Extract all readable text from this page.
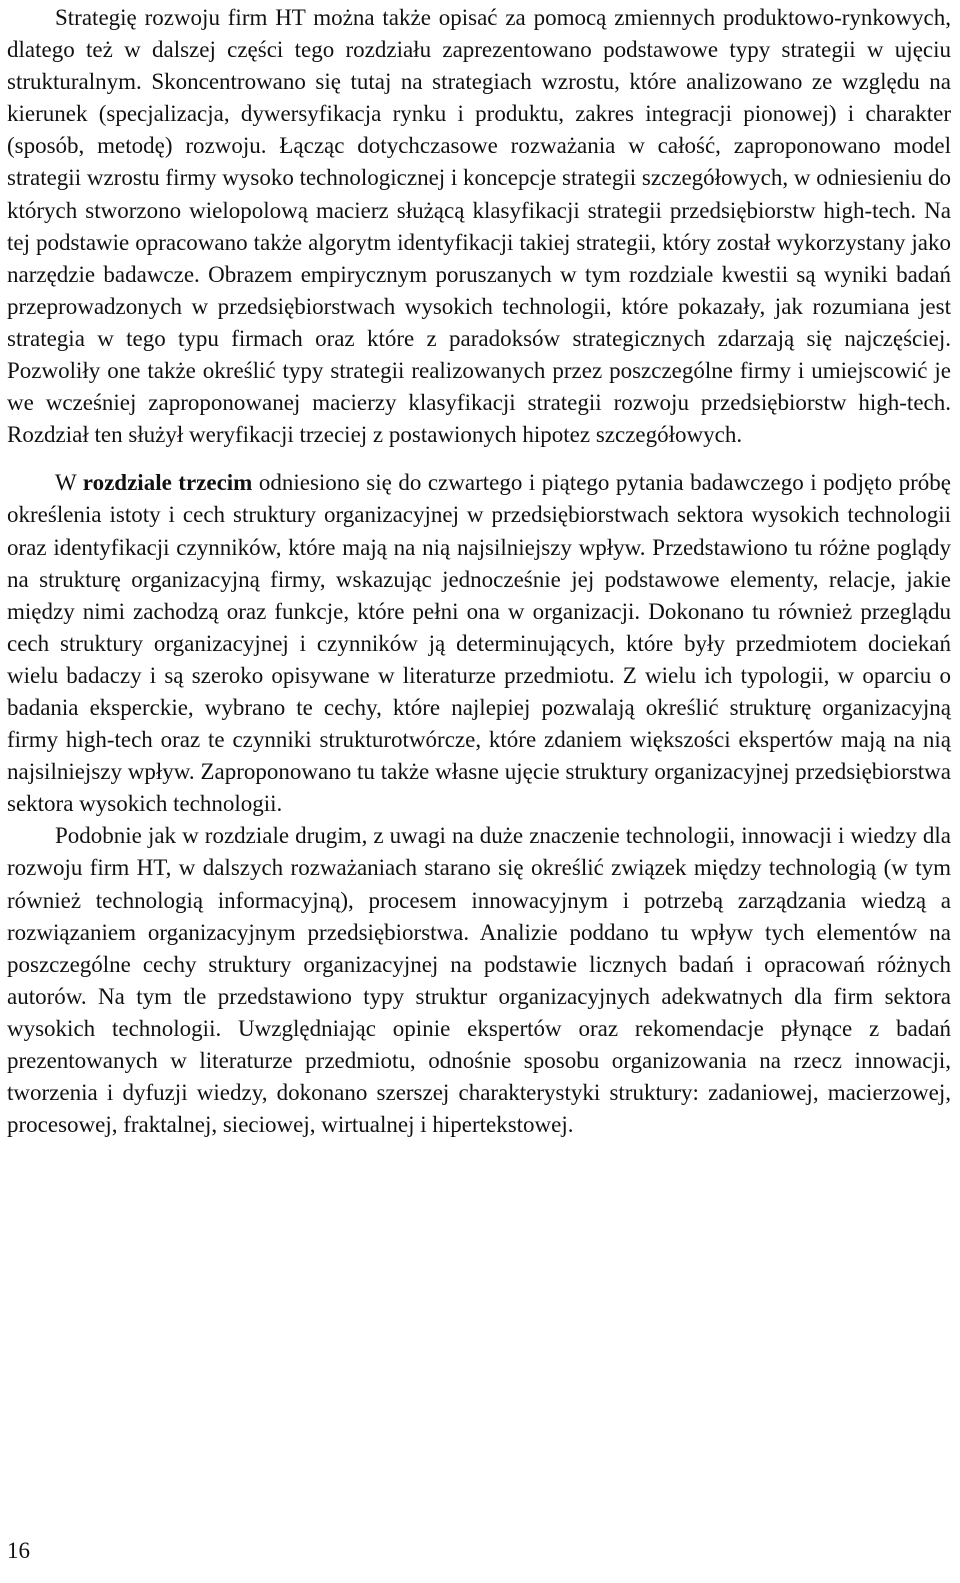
Strategię rozwoju firm HT można także opisać za pomocą zmiennych produktowo-rynkowych, dlatego też w dalszej części tego rozdziału zaprezentowano podstawowe typy strategii w ujęciu strukturalnym. Skoncentrowano się tutaj na strategiach wzrostu, które analizowano ze względu na kierunek (specjalizacja, dywersyfikacja rynku i produktu, zakres integracji pionowej) i charakter (sposób, metodę) rozwoju. Łącząc dotychczasowe rozważania w całość, zaproponowano model strategii wzrostu firmy wysoko technologicznej i koncepcje strategii szczegółowych, w odniesieniu do których stworzono wielopolową macierz służącą klasyfikacji strategii przedsiębiorstw high-tech. Na tej podstawie opracowano także algorytm identyfikacji takiej strategii, który został wykorzystany jako narzędzie badawcze. Obrazem empirycznym poruszanych w tym rozdziale kwestii są wyniki badań przeprowadzonych w przedsiębiorstwach wysokich technologii, które pokazały, jak rozumiana jest strategia w tego typu firmach oraz które z paradoksów strategicznych zdarzają się najczęściej. Pozwoliły one także określić typy strategii realizowanych przez poszczególne firmy i umiejscowić je we wcześniej zaproponowanej macierzy klasyfikacji strategii rozwoju przedsiębiorstw high-tech. Rozdział ten służył weryfikacji trzeciej z postawionych hipotez szczegółowych.

W rozdziale trzecim odniesiono się do czwartego i piątego pytania badawczego i podjęto próbę określenia istoty i cech struktury organizacyjnej w przedsiębiorstwach sektora wysokich technologii oraz identyfikacji czynników, które mają na nią najsilniejszy wpływ. Przedstawiono tu różne poglądy na strukturę organizacyjną firmy, wskazując jednocześnie jej podstawowe elementy, relacje, jakie między nimi zachodzą oraz funkcje, które pełni ona w organizacji. Dokonano tu również przeglądu cech struktury organizacyjnej i czynników ją determinujących, które były przedmiotem dociekań wielu badaczy i są szeroko opisywane w literaturze przedmiotu. Z wielu ich typologii, w oparciu o badania eksperckie, wybrano te cechy, które najlepiej pozwalają określić strukturę organizacyjną firmy high-tech oraz te czynniki strukturotwórcze, które zdaniem większości ekspertów mają na nią najsilniejszy wpływ. Zaproponowano tu także własne ujęcie struktury organizacyjnej przedsiębiorstwa sektora wysokich technologii.

Podobnie jak w rozdziale drugim, z uwagi na duże znaczenie technologii, innowacji i wiedzy dla rozwoju firm HT, w dalszych rozważaniach starano się określić związek między technologią (w tym również technologią informacyjną), procesem innowacyjnym i potrzebą zarządzania wiedzą a rozwiązaniem organizacyjnym przedsiębiorstwa. Analizie poddano tu wpływ tych elementów na poszczególne cechy struktury organizacyjnej na podstawie licznych badań i opracowań różnych autorów. Na tym tle przedstawiono typy struktur organizacyjnych adekwatnych dla firm sektora wysokich technologii. Uwzględniając opinie ekspertów oraz rekomendacje płynące z badań prezentowanych w literaturze przedmiotu, odnośnie sposobu organizowania na rzecz innowacji, tworzenia i dyfuzji wiedzy, dokonano szerszej charakterystyki struktury: zadaniowej, macierzowej, procesowej, fraktalnej, sieciowej, wirtualnej i hipertekstowej.

16
